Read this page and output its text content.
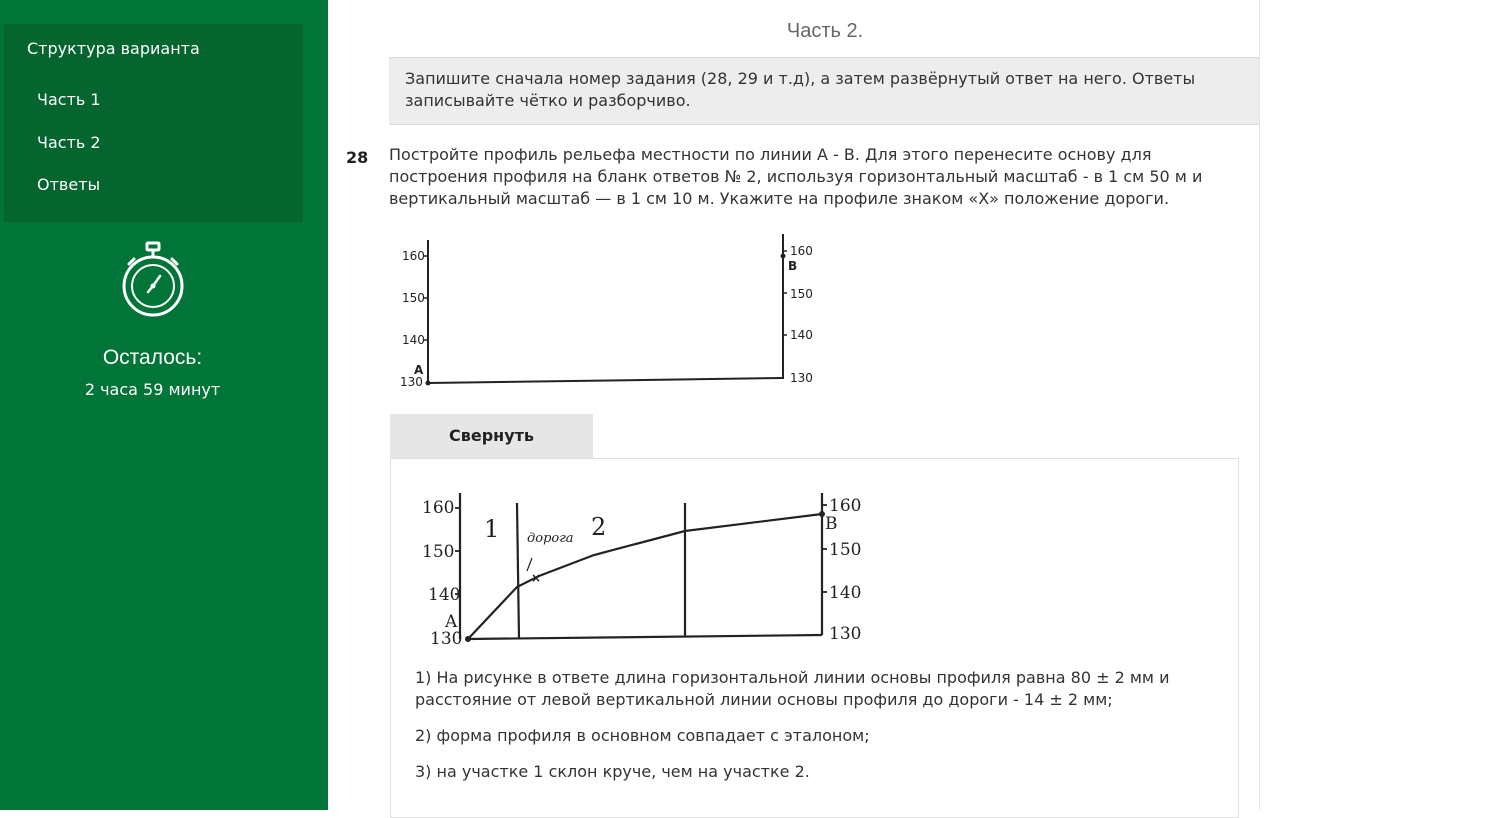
Структура варианта
Часть 1
Часть 2
Ответы
Осталось:
2 часа 59 минут
Часть 2.
Запишите сначала номер задания (28, 29 и т.д), а затем развёрнутый ответ на него. Ответы записывайте чётко и разборчиво.
28 Постройте профиль рельефа местности по линии А - В. Для этого перенесите основу для построения профиля на бланк ответов № 2, используя горизонтальный масштаб - в 1 см 50 м и вертикальный масштаб — в 1 см 10 м. Укажите на профиле знаком «Х» положение дороги.
160
150
140
130
A
160
B
150
140
130
Свернуть
×
160
150
140
A
130
160
B
150
140
130
1	2
дорога
1) На рисунке в ответе длина горизонтальной линии основы профиля равна 80 ± 2 мм и расстояние от левой вертикальной линии основы профиля до дороги - 14 ± 2 мм;
2) форма профиля в основном совпадает с эталоном;
3) на участке 1 склон круче, чем на участке 2.
